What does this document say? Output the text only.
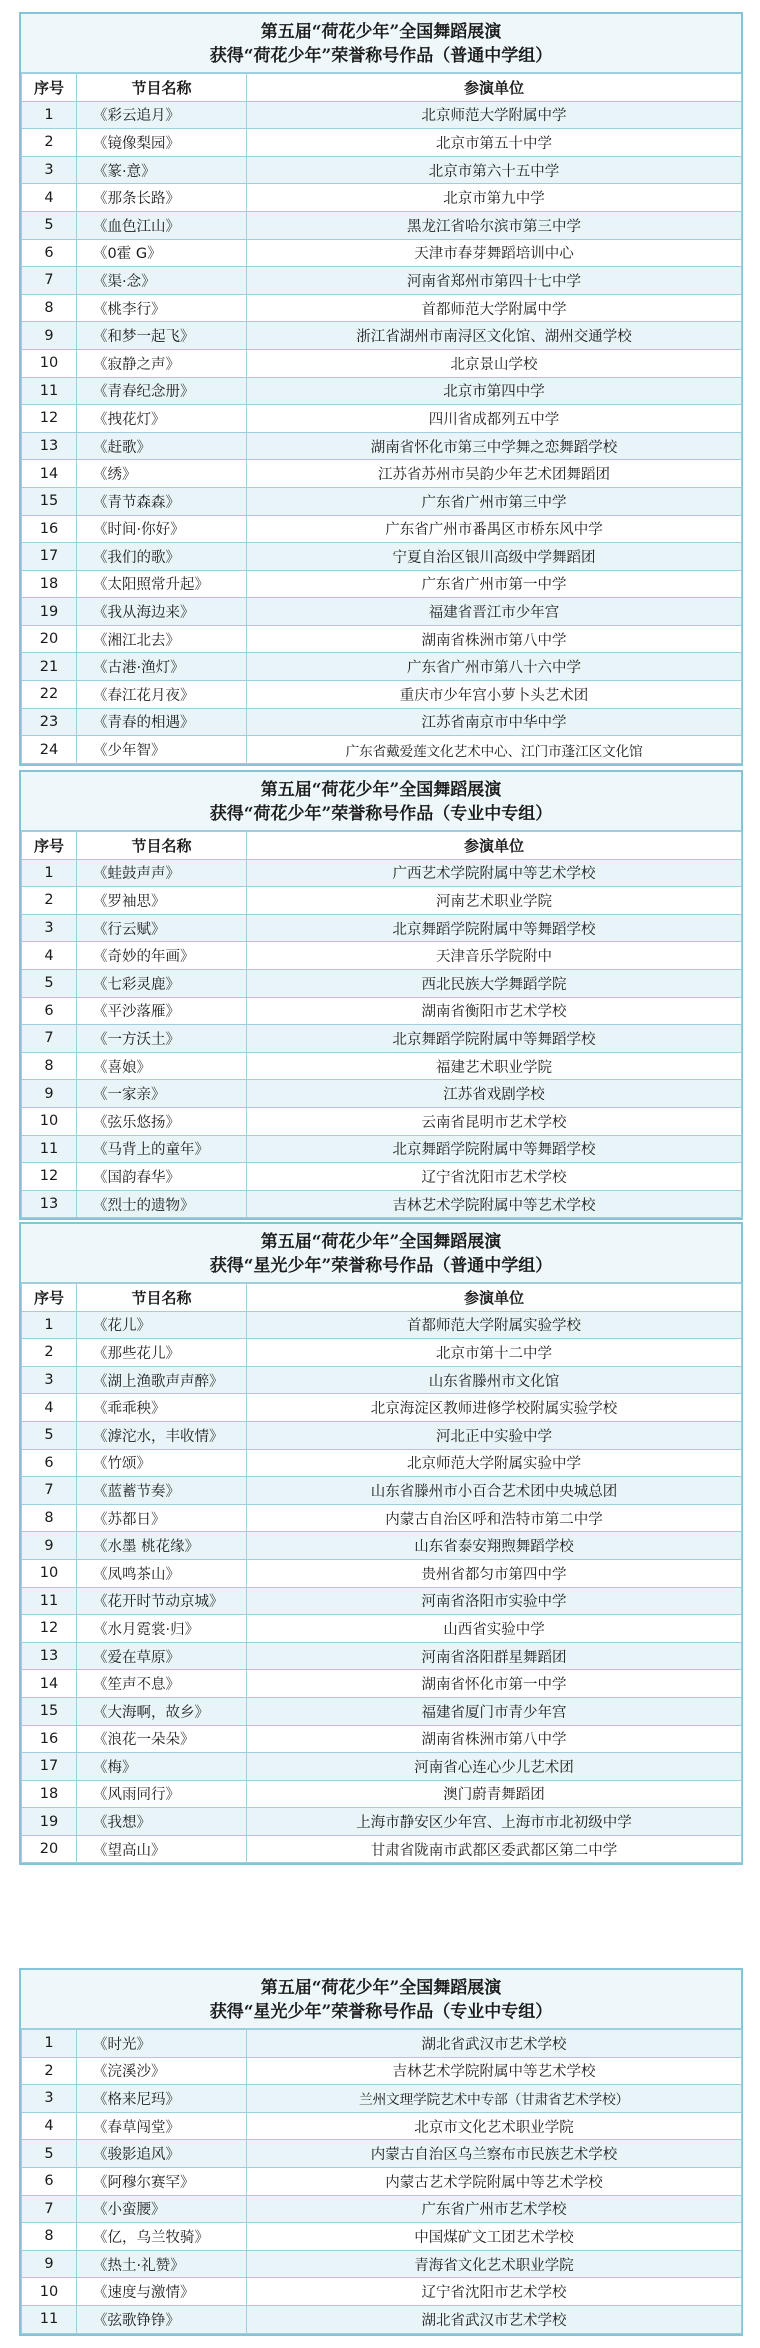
第五届“荷花少年”全国舞蹈展演
获得“荷花少年”荣誉称号作品（普通中学组）
序号	节目名称	参演单位
1	《彩云追月》	北京师范大学附属中学
2	《镜像梨园》	北京市第五十中学
3	《篆·意》	北京市第六十五中学
4	《那条长路》	北京市第九中学
5	《血色江山》	黑龙江省哈尔滨市第三中学
6	《0霍 G》	天津市春芽舞蹈培训中心
7	《渠·念》	河南省郑州市第四十七中学
8	《桃李行》	首都师范大学附属中学
9	《和梦一起飞》	浙江省湖州市南浔区文化馆、湖州交通学校
10	《寂静之声》	北京景山学校
11	《青春纪念册》	北京市第四中学
12	《拽花灯》	四川省成都列五中学
13	《赶歌》	湖南省怀化市第三中学舞之恋舞蹈学校
14	《绣》	江苏省苏州市吴韵少年艺术团舞蹈团
15	《青节森森》	广东省广州市第三中学
16	《时间·你好》	广东省广州市番禺区市桥东风中学
17	《我们的歌》	宁夏自治区银川高级中学舞蹈团
18	《太阳照常升起》	广东省广州市第一中学
19	《我从海边来》	福建省晋江市少年宫
20	《湘江北去》	湖南省株洲市第八中学
21	《古港·渔灯》	广东省广州市第八十六中学
22	《春江花月夜》	重庆市少年宫小萝卜头艺术团
23	《青春的相遇》	江苏省南京市中华中学
24	《少年智》	广东省戴爱莲文化艺术中心、江门市蓬江区文化馆
第五届“荷花少年”全国舞蹈展演
获得“荷花少年”荣誉称号作品（专业中专组）
序号	节目名称	参演单位
1	《蛙鼓声声》	广西艺术学院附属中等艺术学校
2	《罗袖思》	河南艺术职业学院
3	《行云赋》	北京舞蹈学院附属中等舞蹈学校
4	《奇妙的年画》	天津音乐学院附中
5	《七彩灵鹿》	西北民族大学舞蹈学院
6	《平沙落雁》	湖南省衡阳市艺术学校
7	《一方沃土》	北京舞蹈学院附属中等舞蹈学校
8	《喜娘》	福建艺术职业学院
9	《一家亲》	江苏省戏剧学校
10	《弦乐悠扬》	云南省昆明市艺术学校
11	《马背上的童年》	北京舞蹈学院附属中等舞蹈学校
12	《国韵春华》	辽宁省沈阳市艺术学校
13	《烈士的遗物》	吉林艺术学院附属中等艺术学校
第五届“荷花少年”全国舞蹈展演
获得“星光少年”荣誉称号作品（普通中学组）
序号	节目名称	参演单位
1	《花儿》	首都师范大学附属实验学校
2	《那些花儿》	北京市第十二中学
3	《湖上渔歌声声醉》	山东省滕州市文化馆
4	《乖乖秧》	北京海淀区教师进修学校附属实验学校
5	《滹沱水，丰收情》	河北正中实验中学
6	《竹颂》	北京师范大学附属实验中学
7	《蓝蓄节奏》	山东省滕州市小百合艺术团中央城总团
8	《苏都日》	内蒙古自治区呼和浩特市第二中学
9	《水墨 桃花缘》	山东省泰安翔煦舞蹈学校
10	《凤鸣茶山》	贵州省都匀市第四中学
11	《花开时节动京城》	河南省洛阳市实验中学
12	《水月霓裳·归》	山西省实验中学
13	《爱在草原》	河南省洛阳群星舞蹈团
14	《笙声不息》	湖南省怀化市第一中学
15	《大海啊，故乡》	福建省厦门市青少年宫
16	《浪花一朵朵》	湖南省株洲市第八中学
17	《梅》	河南省心连心少儿艺术团
18	《风雨同行》	澳门蔚青舞蹈团
19	《我想》	上海市静安区少年宫、上海市市北初级中学
20	《望高山》	甘肃省陇南市武都区委武都区第二中学
第五届“荷花少年”全国舞蹈展演
获得“星光少年”荣誉称号作品（专业中专组）
1	《时光》	湖北省武汉市艺术学校
2	《浣溪沙》	吉林艺术学院附属中等艺术学校
3	《格来尼玛》	兰州文理学院艺术中专部（甘肃省艺术学校）
4	《春草闯堂》	北京市文化艺术职业学院
5	《骏影追风》	内蒙古自治区乌兰察布市民族艺术学校
6	《阿穆尔赛罕》	内蒙古艺术学院附属中等艺术学校
7	《小蛮腰》	广东省广州市艺术学校
8	《亿，乌兰牧骑》	中国煤矿文工团艺术学校
9	《热土·礼赞》	青海省文化艺术职业学院
10	《速度与激情》	辽宁省沈阳市艺术学校
11	《弦歌铮铮》	湖北省武汉市艺术学校
